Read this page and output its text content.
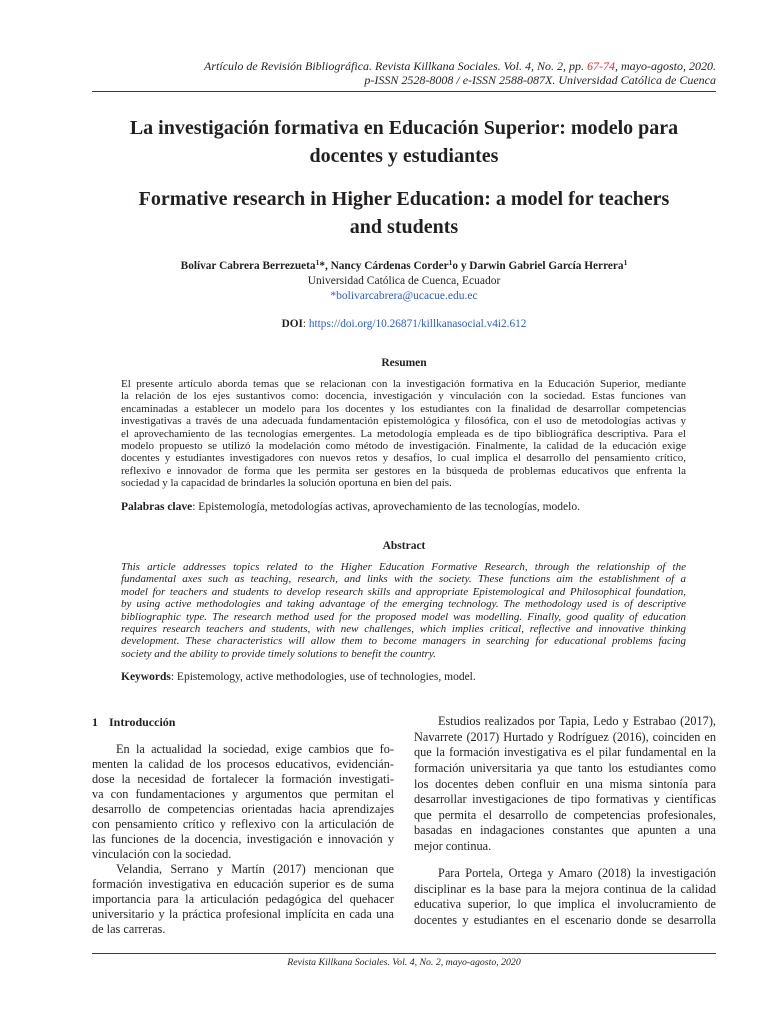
Artículo de Revisión Bibliográfica. Revista Killkana Sociales. Vol. 4, No. 2, pp. 67-74, mayo-agosto, 2020.
p-ISSN 2528-8008 / e-ISSN 2588-087X. Universidad Católica de Cuenca
La investigación formativa en Educación Superior: modelo para
docentes y estudiantes
Formative research in Higher Education: a model for teachers
and students
Bolívar Cabrera Berrezueta$^1$*, Nancy Cárdenas Corder$^1$o y Darwin Gabriel García Herrera$^1$
Universidad Católica de Cuenca, Ecuador
*bolivarcabrera@ucacue.edu.ec
DOI: https://doi.org/10.26871/killkanasocial.v4i2.612
Resumen
El presente artículo aborda temas que se relacionan con la investigación formativa en la Educación Superior, mediante
la relación de los ejes sustantivos como: docencia, investigación y vinculación con la sociedad. Estas funciones van
encaminadas a establecer un modelo para los docentes y los estudiantes con la finalidad de desarrollar competencias
investigativas a través de una adecuada fundamentación epistemológica y filosófica, con el uso de metodologías activas y
el aprovechamiento de las tecnologías emergentes. La metodología empleada es de tipo bibliográfica descriptiva. Para el
modelo propuesto se utilizó la modelación como método de investigación. Finalmente, la calidad de la educación exige
docentes y estudiantes investigadores con nuevos retos y desafíos, lo cual implica el desarrollo del pensamiento crítico,
reflexivo e innovador de forma que les permita ser gestores en la búsqueda de problemas educativos que enfrenta la
sociedad y la capacidad de brindarles la solución oportuna en bien del país.
Palabras clave: Epistemología, metodologías activas, aprovechamiento de las tecnologías, modelo.
Abstract
This article addresses topics related to the Higher Education Formative Research, through the relationship of the
fundamental axes such as teaching, research, and links with the society. These functions aim the establishment of a
model for teachers and students to develop research skills and appropriate Epistemological and Philosophical foundation,
by using active methodologies and taking advantage of the emerging technology. The methodology used is of descriptive
bibliographic type. The research method used for the proposed model was modelling. Finally, good quality of education
requires research teachers and students, with new challenges, which implies critical, reflective and innovative thinking
development. These characteristics will allow them to become managers in searching for educational problems facing
society and the ability to provide timely solutions to benefit the country.
Keywords: Epistemology, active methodologies, use of technologies, model.
1 Introducción
En la actualidad la sociedad, exige cambios que fo-
menten la calidad de los procesos educativos, evidencián-
dose la necesidad de fortalecer la formación investigati-
va con fundamentaciones y argumentos que permitan el
desarrollo de competencias orientadas hacia aprendizajes
con pensamiento crítico y reflexivo con la articulación de
las funciones de la docencia, investigación e innovación y
vinculación con la sociedad.
Velandia, Serrano y Martín (2017) mencionan que
formación investigativa en educación superior es de suma
importancia para la articulación pedagógica del quehacer
universitario y la práctica profesional implícita en cada una
de las carreras.
Estudios realizados por Tapia, Ledo y Estrabao (2017),
Navarrete (2017) Hurtado y Rodríguez (2016), coinciden en
que la formación investigativa es el pilar fundamental en la
formación universitaria ya que tanto los estudiantes como
los docentes deben confluir en una misma sintonía para
desarrollar investigaciones de tipo formativas y científicas
que permita el desarrollo de competencias profesionales,
basadas en indagaciones constantes que apunten a una
mejor continua.
Para Portela, Ortega y Amaro (2018) la investigación
disciplinar es la base para la mejora continua de la calidad
educativa superior, lo que implica el involucramiento de
docentes y estudiantes en el escenario donde se desarrolla
Revista Killkana Sociales. Vol. 4, No. 2, mayo-agosto, 2020
